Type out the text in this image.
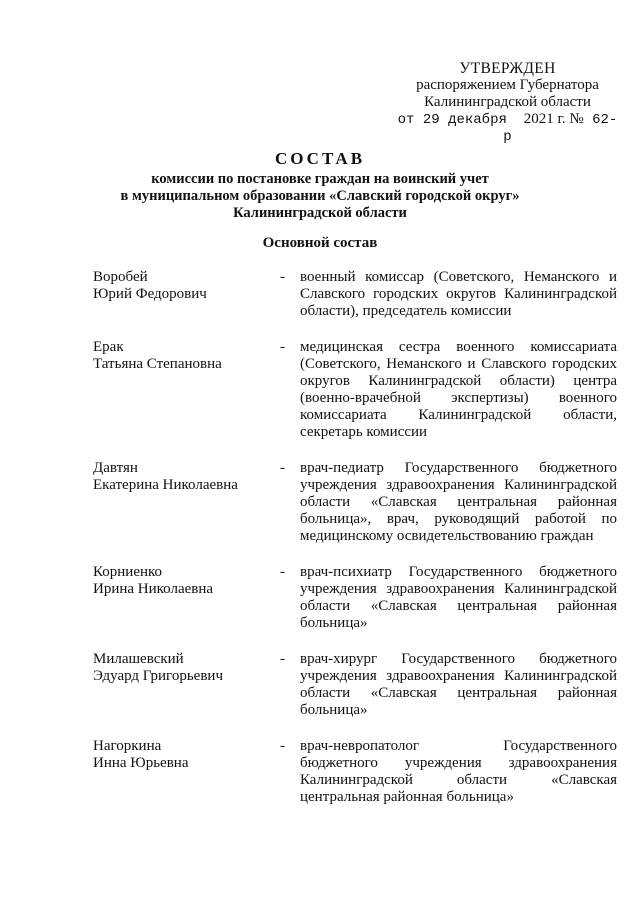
УТВЕРЖДЕН
распоряжением Губернатора
Калининградской области
от 29 декабря 2021 г. № 62-р
СОСТАВ
комиссии по постановке граждан на воинский учет
в муниципальном образовании «Славский городской округ»
Калининградской области
Основной состав
Воробей
Юрий Федорович
-	военный комиссар (Советского, Неманского и Славского городских округов Калининградской области), председатель комиссии
Ерак
Татьяна Степановна
-	медицинская сестра военного комиссариата (Советского, Неманского и Славского городских округов Калининградской области) центра (военно-врачебной экспертизы) военного комиссариата Калининградской области, секретарь комиссии
Давтян
Екатерина Николаевна
-	врач-педиатр Государственного бюджетного учреждения здравоохранения Калининградской области «Славская центральная районная больница», врач, руководящий работой по медицинскому освидетельствованию граждан
Корниенко
Ирина Николаевна
-	врач-психиатр Государственного бюджетного учреждения здравоохранения Калининградской области «Славская центральная районная больница»
Милашевский
Эдуард Григорьевич
-	врач-хирург Государственного бюджетного учреждения здравоохранения Калининградской области «Славская центральная районная больница»
Нагоркина
Инна Юрьевна
-	врач-невропатолог Государственного бюджетного учреждения здравоохранения Калининградской области «Славская центральная районная больница»
